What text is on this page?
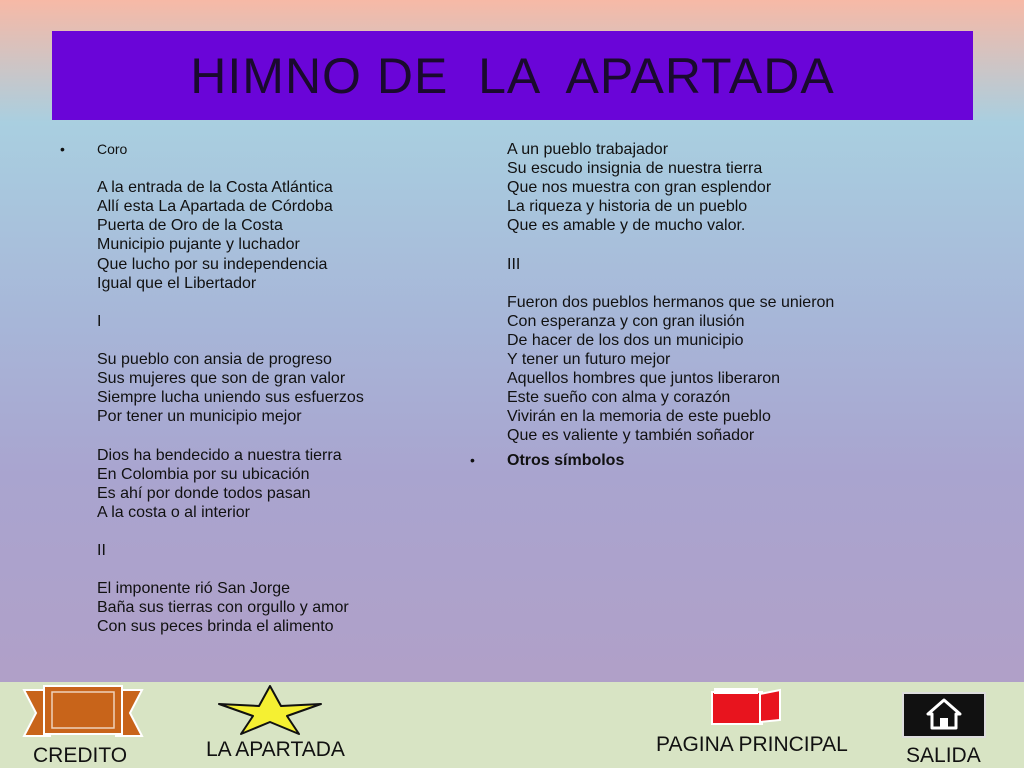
HIMNO DE  LA  APARTADA
• Coro
A la entrada de la Costa Atlántica
Allí esta La Apartada de Córdoba
Puerta de Oro de la Costa
Municipio pujante y luchador
Que lucho por su independencia
Igual que el Libertador
I
Su pueblo con ansia de progreso
Sus mujeres que son de gran valor
Siempre lucha uniendo sus esfuerzos
Por tener un municipio mejor
Dios ha bendecido a nuestra tierra
En Colombia por su ubicación
Es ahí por donde todos pasan
A la costa o al interior
II
El imponente rió San Jorge
Baña sus tierras con orgullo y amor
Con sus peces brinda el alimento
A un pueblo trabajador
Su escudo insignia de nuestra tierra
Que nos muestra con gran esplendor
La riqueza y historia de un pueblo
Que es amable y de mucho valor.
III
Fueron dos pueblos hermanos que se unieron
Con esperanza y con gran ilusión
De hacer de los dos un municipio
Y tener un futuro mejor
Aquellos hombres que juntos liberaron
Este sueño con alma y corazón
Vivirán en la memoria de este pueblo
Que es valiente y también soñador
• Otros símbolos
CREDITO	LA APARTADA	PAGINA PRINCIPAL	SALIDA
